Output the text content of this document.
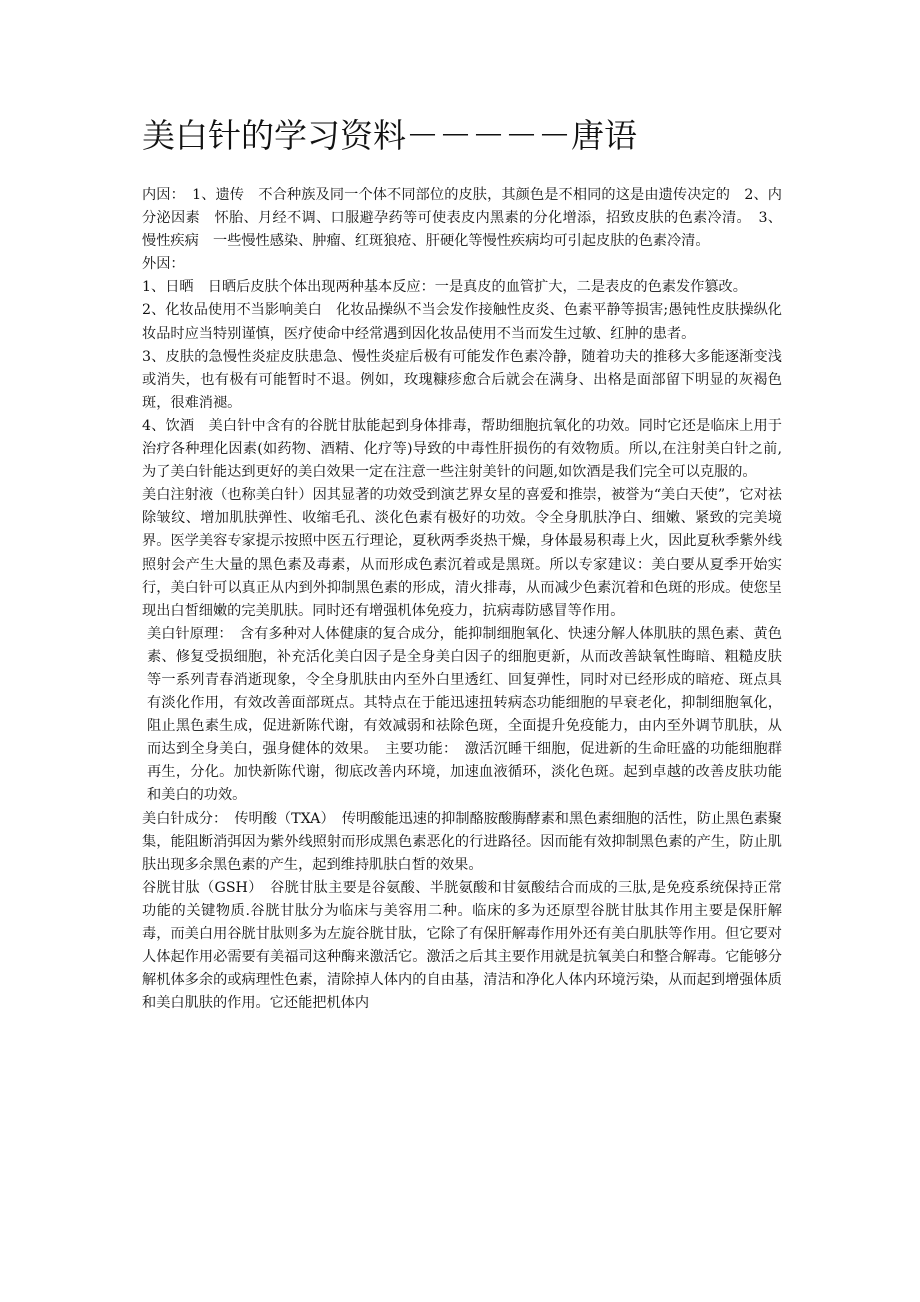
美白针的学习资料－－－－－唐语

内因：　1、遗传　不合种族及同一个体不同部位的皮肤，其颜色是不相同的这是由遗传决定的　2、内分泌因素　怀胎、月经不调、口服避孕药等可使表皮内黑素的分化增添，招致皮肤的色素冷清。　3、慢性疾病　一些慢性感染、肿瘤、红斑狼疮、肝硬化等慢性疾病均可引起皮肤的色素冷清。

外因：

1、日晒　日晒后皮肤个体出现两种基本反应：一是真皮的血管扩大，二是表皮的色素发作篡改。

2、化妆品使用不当影响美白　化妆品操纵不当会发作接触性皮炎、色素平静等损害;愚钝性皮肤操纵化妆品时应当特别谨慎，医疗使命中经常遇到因化妆品使用不当而发生过敏、红肿的患者。

3、皮肤的急慢性炎症皮肤患急、慢性炎症后极有可能发作色素冷静，随着功夫的推移大多能逐渐变浅或消失，也有极有可能暂时不退。例如，玫瑰糠疹愈合后就会在满身、出格是面部留下明显的灰褐色斑，很难消褪。

4、饮酒　美白针中含有的谷胱甘肽能起到身体排毒，帮助细胞抗氧化的功效。同时它还是临床上用于治疗各种理化因素(如药物、酒精、化疗等)导致的中毒性肝损伤的有效物质。所以,在注射美白针之前,为了美白针能达到更好的美白效果一定在注意一些注射美针的问题,如饮酒是我们完全可以克服的。

美白注射液（也称美白针）因其显著的功效受到演艺界女星的喜爱和推崇，被誉为“美白天使”，它对祛除皱纹、增加肌肤弹性、收缩毛孔、淡化色素有极好的功效。令全身肌肤净白、细嫩、紧致的完美境界。医学美容专家提示按照中医五行理论，夏秋两季炎热干燥，身体最易积毒上火，因此夏秋季紫外线照射会产生大量的黑色素及毒素，从而形成色素沉着或是黑斑。所以专家建议：美白要从夏季开始实行，美白针可以真正从内到外抑制黑色素的形成，清火排毒，从而减少色素沉着和色斑的形成。使您呈现出白皙细嫩的完美肌肤。同时还有增强机体免疫力，抗病毒防感冒等作用。

美白针原理：　含有多种对人体健康的复合成分，能抑制细胞氧化、快速分解人体肌肤的黑色素、黄色素、修复受损细胞，补充活化美白因子是全身美白因子的细胞更新，从而改善缺氧性晦暗、粗糙皮肤等一系列青春消逝现象，令全身肌肤由内至外白里透红、回复弹性，同时对已经形成的暗疮、斑点具有淡化作用，有效改善面部斑点。其特点在于能迅速扭转病态功能细胞的早衰老化，抑制细胞氧化，阻止黑色素生成，促进新陈代谢，有效减弱和祛除色斑，全面提升免疫能力，由内至外调节肌肤，从而达到全身美白，强身健体的效果。　主要功能：　激活沉睡干细胞，促进新的生命旺盛的功能细胞群再生，分化。加快新陈代谢，彻底改善内环境，加速血液循环，淡化色斑。起到卓越的改善皮肤功能和美白的功效。

美白针成分：　传明酸（TXA）　传明酸能迅速的抑制酪胺酸脢酵素和黑色素细胞的活性，防止黑色素聚集，能阻断消弭因为紫外线照射而形成黑色素恶化的行进路径。因而能有效抑制黑色素的产生，防止肌肤出现多余黑色素的产生，起到维持肌肤白皙的效果。

谷胱甘肽（GSH）　谷胱甘肽主要是谷氨酸、半胱氨酸和甘氨酸结合而成的三肽,是免疫系统保持正常功能的关键物质.谷胱甘肽分为临床与美容用二种。临床的多为还原型谷胱甘肽其作用主要是保肝解毒，而美白用谷胱甘肽则多为左旋谷胱甘肽，它除了有保肝解毒作用外还有美白肌肤等作用。但它要对人体起作用必需要有美福司这种酶来激活它。激活之后其主要作用就是抗氧美白和整合解毒。它能够分解机体多余的或病理性色素，清除掉人体内的自由基，清洁和净化人体内环境污染，从而起到增强体质和美白肌肤的作用。它还能把机体内
